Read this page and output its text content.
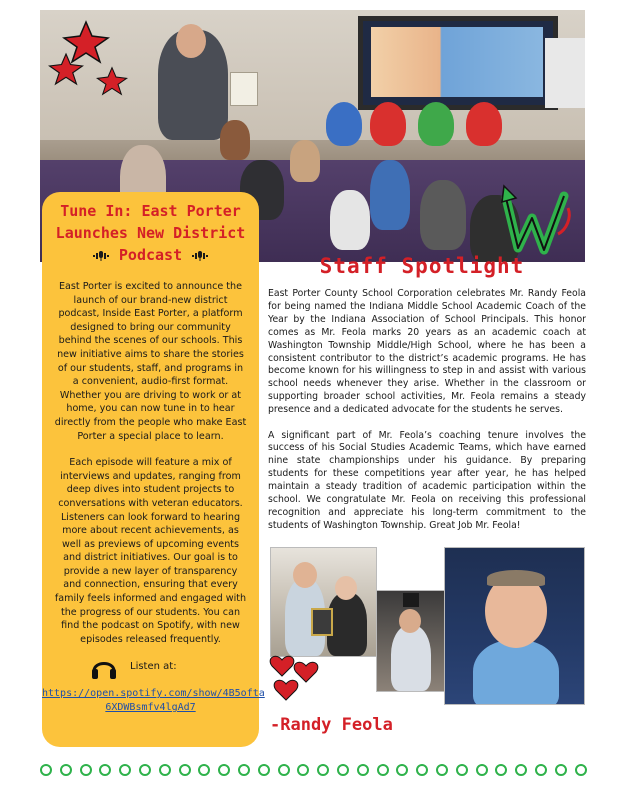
Tune In: East Porter
Launches New District
Podcast

East Porter is excited to announce the launch of our brand-new district podcast, Inside East Porter, a platform designed to bring our community behind the scenes of our schools. This new initiative aims to share the stories of our students, staff, and programs in a convenient, audio-first format. Whether you are driving to work or at home, you can now tune in to hear directly from the people who make East Porter a special place to learn.

Each episode will feature a mix of interviews and updates, ranging from deep dives into student projects to conversations with veteran educators. Listeners can look forward to hearing more about recent achievements, as well as previews of upcoming events and district initiatives. Our goal is to provide a new layer of transparency and connection, ensuring that every family feels informed and engaged with the progress of our students. You can find the podcast on Spotify, with new episodes released frequently.

Listen at:
https://open.spotify.com/show/4B5ofta
6XDWBsmfv4lgAd7
Staff Spotlight

East Porter County School Corporation celebrates Mr. Randy Feola for being named the Indiana Middle School Academic Coach of the Year by the Indiana Association of School Principals. This honor comes as Mr. Feola marks 20 years as an academic coach at Washington Township Middle/High School, where he has been a consistent contributor to the district’s academic programs. He has become known for his willingness to step in and assist with various school needs whenever they arise. Whether in the classroom or supporting broader school activities, Mr. Feola remains a steady presence and a dedicated advocate for the students he serves.

A significant part of Mr. Feola’s coaching tenure involves the success of his Social Studies Academic Teams, which have earned nine state championships under his guidance. By preparing students for these competitions year after year, he has helped maintain a steady tradition of academic participation within the school. We congratulate Mr. Feola on receiving this professional recognition and appreciate his long-term commitment to the students of Washington Township. Great Job Mr. Feola!

-Randy Feola
